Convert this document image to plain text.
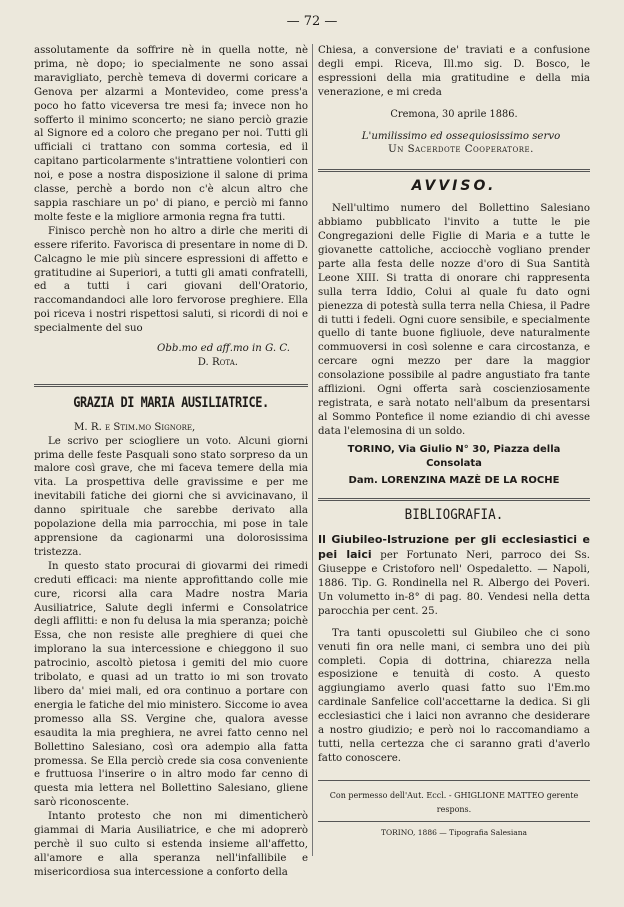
— 72 —

assolutamente da soffrire nè in quella notte, nè prima, nè dopo; io specialmente ne sono assai maravigliato, perchè temeva di dovermi coricare a Genova per alzarmi a Montevideo, come press'a poco ho fatto viceversa tre mesi fa; invece non ho sofferto il minimo sconcerto; ne siano perciò grazie al Signore ed a coloro che pregano per noi. Tutti gli ufficiali ci trattano con somma cortesia, ed il capitano particolarmente s'intrattiene volontieri con noi, e pose a nostra disposizione il salone di prima classe, perchè a bordo non c'è alcun altro che sappia raschiare un po' di piano, e perciò mi fanno molte feste e la migliore armonia regna fra tutti.

Finisco perchè non ho altro a dirle che meriti di essere riferito. Favorisca di presentare in nome di D. Calcagno le mie più sincere espressioni di affetto e gratitudine ai Superiori, a tutti gli amati confratelli, ed a tutti i cari giovani dell'Oratorio, raccomandandoci alle loro fervorose preghiere. Ella poi riceva i nostri rispettosi saluti, si ricordi di noi e specialmente del suo

Obb.mo ed aff.mo in G. C.

D. Rota.

GRAZIA DI MARIA AUSILIATRICE.

M. R. e Stim.mo Signore,

Le scrivo per sciogliere un voto. Alcuni giorni prima delle feste Pasquali sono stato sorpreso da un malore così grave, che mi faceva temere della mia vita. La prospettiva delle gravissime e per me inevitabili fatiche dei giorni che si avvicinavano, il danno spirituale che sarebbe derivato alla popolazione della mia parrocchia, mi pose in tale apprensione da cagionarmi una dolorosissima tristezza.

In questo stato procurai di giovarmi dei rimedi creduti efficaci: ma niente approfittando colle mie cure, ricorsi alla cara Madre nostra Maria Ausiliatrice, Salute degli infermi e Consolatrice degli afflitti: e non fu delusa la mia speranza; poichè Essa, che non resiste alle preghiere di quei che implorano la sua intercessione e chieggono il suo patrocinio, ascoltò pietosa i gemiti del mio cuore tribolato, e quasi ad un tratto io mi son trovato libero da' miei mali, ed ora continuo a portare con energia le fatiche del mio ministero. Siccome io avea promesso alla SS. Vergine che, qualora avesse esaudita la mia preghiera, ne avrei fatto cenno nel Bollettino Salesiano, così ora adempio alla fatta promessa. Se Ella perciò crede sia cosa conveniente e fruttuosa l'inserire o in altro modo far cenno di questa mia lettera nel Bollettino Salesiano, gliene sarò riconoscente.

Intanto protesto che non mi dimenticherò giammai di Maria Ausiliatrice, e che mi adoprerò perchè il suo culto si estenda insieme all'affetto, all'amore e alla speranza nell'infallibile e misericordiosa sua intercessione a conforto della

Chiesa, a conversione de' traviati e a confusione degli empi. Riceva, Ill.mo sig. D. Bosco, le espressioni della mia gratitudine e della mia venerazione, e mi creda

Cremona, 30 aprile 1886.

L'umilissimo ed ossequiosissimo servo

Un Sacerdote Cooperatore.

AVVISO.

Nell'ultimo numero del Bollettino Salesiano abbiamo pubblicato l'invito a tutte le pie Congregazioni delle Figlie di Maria e a tutte le giovanette cattoliche, acciocchè vogliano prender parte alla festa delle nozze d'oro di Sua Santità Leone XIII. Si tratta di onorare chi rappresenta sulla terra Iddio, Colui al quale fu dato ogni pienezza di potestà sulla terra nella Chiesa, il Padre di tutti i fedeli. Ogni cuore sensibile, e specialmente quello di tante buone figliuole, deve naturalmente commuoversi in così solenne e cara circostanza, e cercare ogni mezzo per dare la maggior consolazione possibile al padre angustiato fra tante afflizioni. Ogni offerta sarà coscienziosamente registrata, e sarà notato nell'album da presentarsi al Sommo Pontefice il nome eziandio di chi avesse data l'elemosina di un soldo.

TORINO, Via Giulio N° 30, Piazza della Consolata
Dam. LORENZINA MAZÈ DE LA ROCHE
BIBLIOGRAFIA.

Il Giubileo-Istruzione per gli ecclesiastici e pei laici per Fortunato Neri, parroco dei Ss. Giuseppe e Cristoforo nell' Ospedaletto. — Napoli, 1886. Tip. G. Rondinella nel R. Albergo dei Poveri. Un volumetto in-8° di pag. 80. Vendesi nella detta parocchia per cent. 25.

Tra tanti opuscoletti sul Giubileo che ci sono venuti fin ora nelle mani, ci sembra uno dei più completi. Copia di dottrina, chiarezza nella esposizione e tenuità di costo. A questo aggiungiamo averlo quasi fatto suo l'Em.mo cardinale Sanfelice coll'accettarne la dedica. Si gli ecclesiastici che i laici non avranno che desiderare a nostro giudizio; e però noi lo raccomandiamo a tutti, nella certezza che ci saranno grati d'averlo fatto conoscere.

Con permesso dell'Aut. Eccl. - GHIGLIONE MATTEO gerente respons.
TORINO, 1886 — Tipografia Salesiana
